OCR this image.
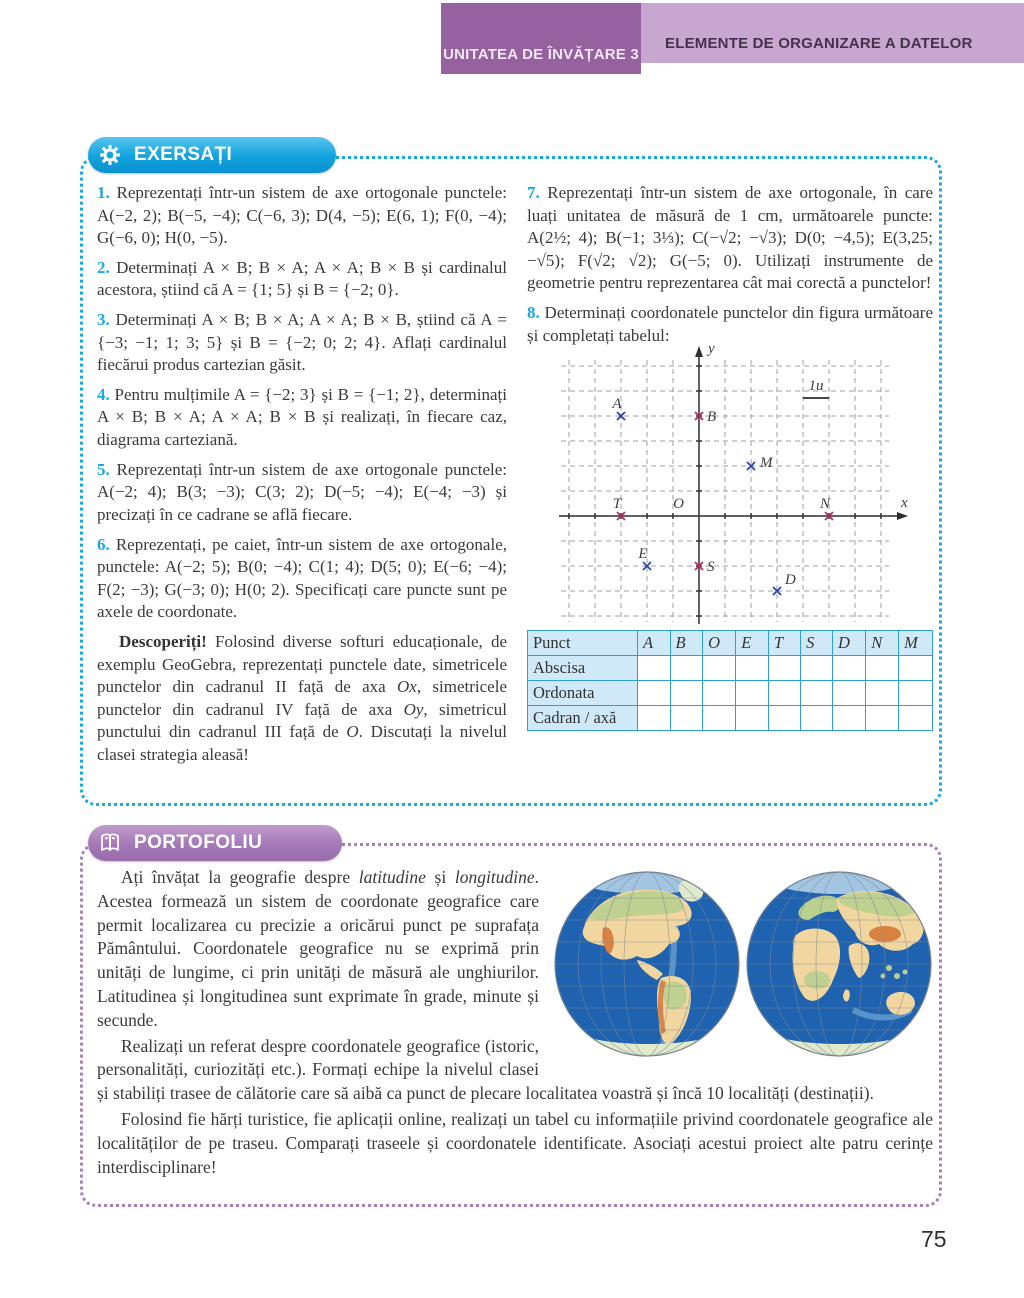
UNITATEA DE ÎNVĂȚARE 3
ELEMENTE DE ORGANIZARE A DATELOR
EXERSAȚI

1. Reprezentați într-un sistem de axe ortogonale punctele: A(−2, 2); B(−5, −4); C(−6, 3); D(4, −5); E(6, 1); F(0, −4); G(−6, 0); H(0, −5).

2. Determinați A × B; B × A; A × A; B × B și cardinalul acestora, știind că A = {1; 5} și B = {−2; 0}.

3. Determinați A × B; B × A; A × A; B × B, știind că A = {−3; −1; 1; 3; 5} și B = {−2; 0; 2; 4}. Aflați cardinalul fiecărui produs cartezian găsit.

4. Pentru mulțimile A = {−2; 3} și B = {−1; 2}, determinați A × B; B × A; A × A; B × B și realizați, în fiecare caz, diagrama carteziană.

5. Reprezentați într-un sistem de axe ortogonale punctele: A(−2; 4); B(3; −3); C(3; 2); D(−5; −4); E(−4; −3) și precizați în ce cadrane se află fiecare.

6. Reprezentați, pe caiet, într-un sistem de axe ortogonale, punctele: A(−2; 5); B(0; −4); C(1; 4); D(5; 0); E(−6; −4); F(2; −3); G(−3; 0); H(0; 2). Specificați care puncte sunt pe axele de coordonate.

Descoperiți! Folosind diverse softuri educaționale, de exemplu GeoGebra, reprezentați punctele date, simetricele punctelor din cadranul II față de axa Ox, simetricele punctelor din cadranul IV față de axa Oy, simetricul punctului din cadranul III față de O. Discutați la nivelul clasei strategia aleasă!

7. Reprezentați într-un sistem de axe ortogonale, în care luați unitatea de măsură de 1 cm, următoarele puncte: A(2½; 4); B(−1; 3⅓); C(−√2; −√3); D(0; −4,5); E(3,25; −√5); F(√2; √2); G(−5; 0). Utilizați instrumente de geometrie pentru reprezentarea cât mai corectă a punctelor!

8. Determinați coordonatele punctelor din figura următoare și completați tabelul:

x
y
O
1u
A
B
M
T	N
E
S
D
Punct	A	B	O	E	T	S	D	N	M
Abscisa									
Ordonata									
Cadran / axă									
PORTOFOLIU

Ați învățat la geografie despre latitudine și longitudine. Acestea formează un sistem de coordonate geografice care permit localizarea cu precizie a oricărui punct pe suprafața Pământului. Coordonatele geografice nu se exprimă prin unități de lungime, ci prin unități de măsură ale unghiurilor. Latitudinea și longitudinea sunt exprimate în grade, minute și secunde.

Realizați un referat despre coordonatele geografice (istoric, personalități, curiozități etc.). Formați echipe la nivelul clasei și stabiliți trasee de călătorie care să aibă ca punct de plecare localitatea voastră și încă 10 localități (destinații).

Folosind fie hărți turistice, fie aplicații online, realizați un tabel cu informațiile privind coordonatele geografice ale localităților de pe traseu. Comparați traseele și coordonatele identificate. Asociați acestui proiect alte patru cerințe interdisciplinare!

75
